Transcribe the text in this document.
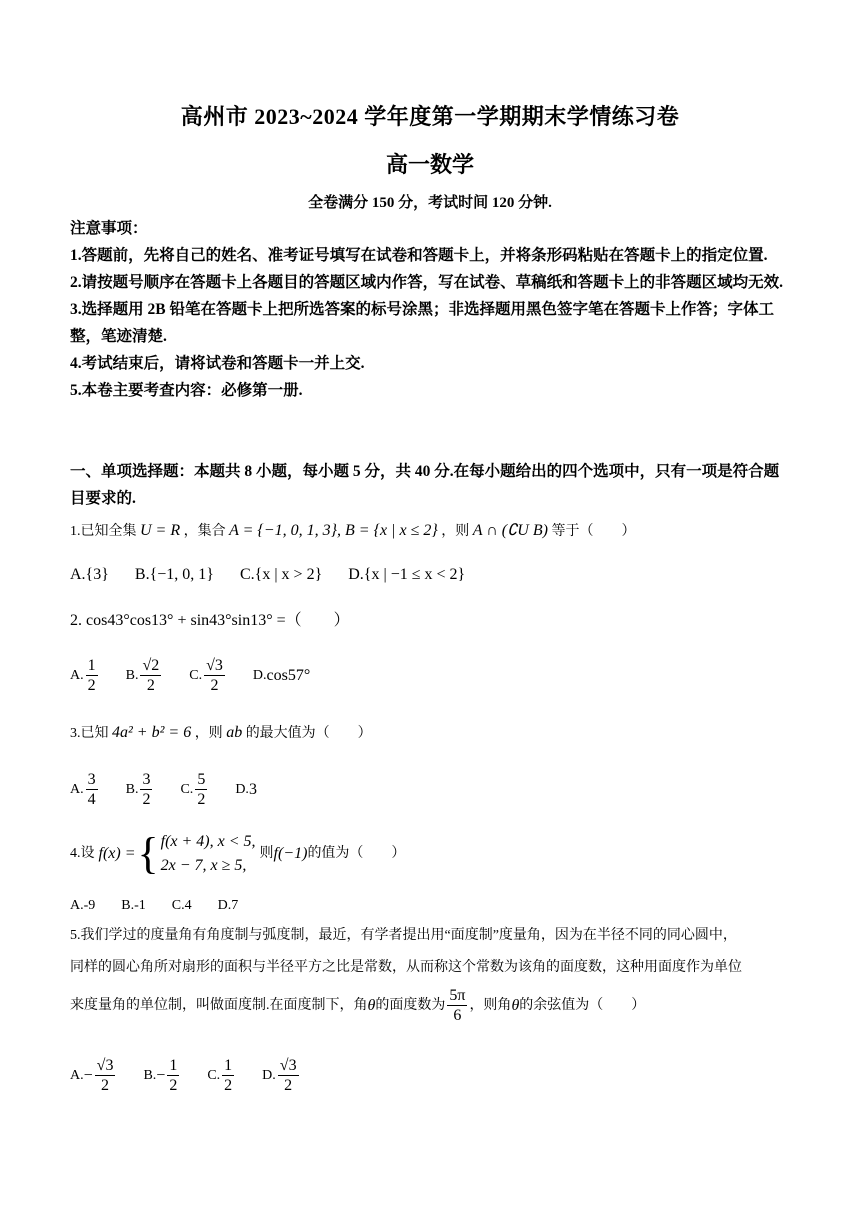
高州市 2023~2024 学年度第一学期期末学情练习卷
高一数学
全卷满分 150 分，考试时间 120 分钟.
注意事项：
1.答题前，先将自己的姓名、准考证号填写在试卷和答题卡上，并将条形码粘贴在答题卡上的指定位置.
2.请按题号顺序在答题卡上各题目的答题区域内作答，写在试卷、草稿纸和答题卡上的非答题区域均无效.
3.选择题用 2B 铅笔在答题卡上把所选答案的标号涂黑；非选择题用黑色签字笔在答题卡上作答；字体工整，笔迹清楚.
4.考试结束后，请将试卷和答题卡一并上交.
5.本卷主要考查内容：必修第一册.
一、单项选择题：本题共 8 小题，每小题 5 分，共 40 分.在每小题给出的四个选项中，只有一项是符合题目要求的.
1.已知全集 U = R ，集合 A = {−1, 0, 1, 3}, B = {x | x ≤ 2} ，则 A ∩ (∁U B) 等于（　　）
A.{3} B.{−1, 0, 1} C.{x | x > 2} D.{x | −1 ≤ x < 2}
2. cos43°cos13° + sin43°sin13° =（　　）
A. $\frac{1}{2} B$. $\frac{√2}{2} C$. $\frac{√3}{2} D$. cos57°
3.已知 4a² + b² = 6 ，则 ab 的最大值为（　　）
A. $\frac{3}{4} B$. $\frac{3}{2} C$. $\frac{5}{2} D$. 3
4.设 f(x) = { f(x + 4), x < 5,
2x − 7, x ≥ 5,
则 f(−1) 的值为（　　）
A.-9 B.-1 C.4 D.7
5.我们学过的度量角有角度制与弧度制，最近，有学者提出用“面度制”度量角，因为在半径不同的同心圆中，
同样的圆心角所对扇形的面积与半径平方之比是常数，从而称这个常数为该角的面度数，这种用面度作为单位
来度量角的单位制，叫做面度制.在面度制下，角 θ 的面度数为 $\frac{5\pi}{6}$ ，则角 θ 的余弦值为（　　）
A. − $\frac{√3}{2} B$. − $\frac{1}{2} C$. $\frac{1}{2} D$. $\frac{√3}{2}$
